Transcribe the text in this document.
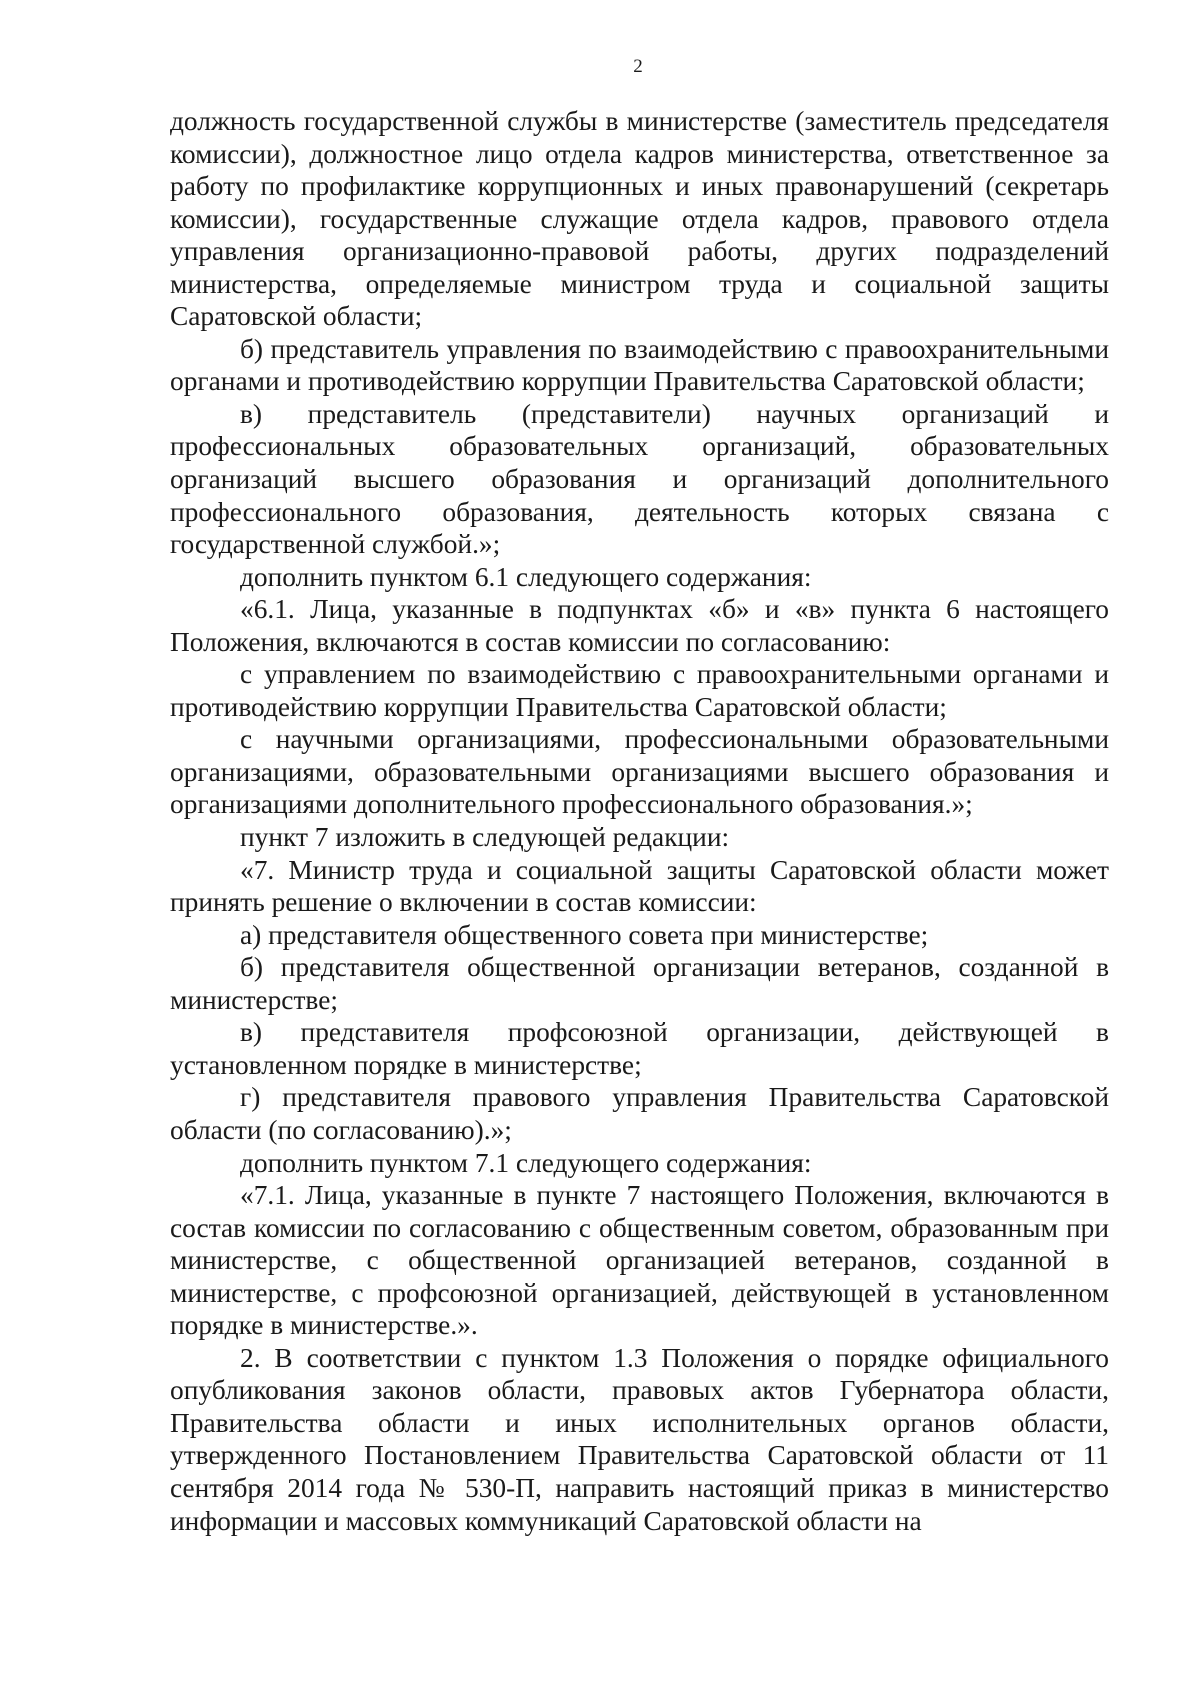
2

должность государственной службы в министерстве (заместитель председателя комиссии), должностное лицо отдела кадров министерства, ответственное за работу по профилактике коррупционных и иных правонарушений (секретарь комиссии), государственные служащие отдела кадров, правового отдела управления организационно-правовой работы, других подразделений министерства, определяемые министром труда и социальной защиты Саратовской области;

б) представитель управления по взаимодействию с правоохранительными органами и противодействию коррупции Правительства Саратовской области;

в) представитель (представители) научных организаций и профессиональных образовательных организаций, образовательных организаций высшего образования и организаций дополнительного профессионального образования, деятельность которых связана с государственной службой.»;

дополнить пунктом 6.1 следующего содержания:

«6.1. Лица, указанные в подпунктах «б» и «в» пункта 6 настоящего Положения, включаются в состав комиссии по согласованию:

с управлением по взаимодействию с правоохранительными органами и противодействию коррупции Правительства Саратовской области;

с научными организациями, профессиональными образовательными организациями, образовательными организациями высшего образования и организациями дополнительного профессионального образования.»;

пункт 7 изложить в следующей редакции:

«7. Министр труда и социальной защиты Саратовской области может принять решение о включении в состав комиссии:

а) представителя общественного совета при министерстве;

б) представителя общественной организации ветеранов, созданной в министерстве;

в) представителя профсоюзной организации, действующей в установленном порядке в министерстве;

г) представителя правового управления Правительства Саратовской области (по согласованию).»;

дополнить пунктом 7.1 следующего содержания:

«7.1. Лица, указанные в пункте 7 настоящего Положения, включаются в состав комиссии по согласованию с общественным советом, образованным при министерстве, с общественной организацией ветеранов, созданной в министерстве, с профсоюзной организацией, действующей в установленном порядке в министерстве.».

2. В соответствии с пунктом 1.3 Положения о порядке официального опубликования законов области, правовых актов Губернатора области, Правительства области и иных исполнительных органов области, утвержденного Постановлением Правительства Саратовской области от 11 сентября 2014 года № 530-П, направить настоящий приказ в министерство информации и массовых коммуникаций Саратовской области на
